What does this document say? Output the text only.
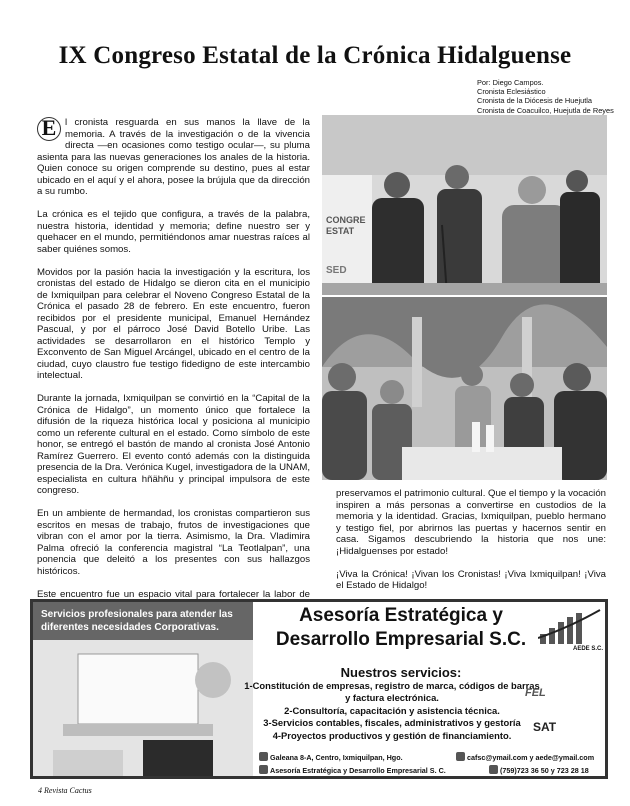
IX Congreso Estatal de la Crónica Hidalguense
Por: Diego Campos.
Cronista Eclesiástico
Cronista de la Diócesis de Huejutla
Cronista de Coacuilco, Huejutla de Reyes

E l cronista resguarda en sus manos la llave de la memoria. A través de la investigación o de la vivencia directa —en ocasiones como testigo ocular—, su pluma asienta para las nuevas generaciones los anales de la historia. Quien conoce su origen comprende su destino, pues al estar ubicado en el aquí y el ahora, posee la brújula que da dirección a su rumbo.

La crónica es el tejido que configura, a través de la palabra, nuestra historia, identidad y memoria; define nuestro ser y quehacer en el mundo, permitiéndonos amar nuestras raíces al saber quiénes somos.

Movidos por la pasión hacia la investigación y la escritura, los cronistas del estado de Hidalgo se dieron cita en el municipio de Ixmiquilpan para celebrar el Noveno Congreso Estatal de la Crónica el pasado 28 de febrero. En este encuentro, fueron recibidos por el presidente municipal, Emanuel Hernández Pascual, y por el párroco José David Botello Uribe. Las actividades se desarrollaron en el histórico Templo y Exconvento de San Miguel Arcángel, ubicado en el centro de la ciudad, cuyo claustro fue testigo fidedigno de este intercambio intelectual.

Durante la jornada, Ixmiquilpan se convirtió en la “Capital de la Crónica de Hidalgo”, un momento único que fortalece la difusión de la riqueza histórica local y posiciona al municipio como un referente cultural en el estado. Como símbolo de este honor, se entregó el bastón de mando al cronista José Antonio Ramírez Guerrero. El evento contó además con la distinguida presencia de la Dra. Verónica Kugel, investigadora de la UNAM, especialista en cultura hñähñu y principal impulsora de este congreso.

En un ambiente de hermandad, los cronistas compartieron sus escritos en mesas de trabajo, frutos de investigaciones que vibran con el amor por la tierra. Asimismo, la Dra. Vladimira Palma ofreció la conferencia magistral “La Teotlalpan”, una ponencia que deleitó a los presentes con sus hallazgos históricos.

Este encuentro fue un espacio vital para fortalecer la labor de

CONGRE
ESTAT
SED

preservamos el patrimonio cultural. Que el tiempo y la vocación inspiren a más personas a convertirse en custodios de la memoria y la identidad. Gracias, Ixmiquilpan, pueblo hermano y testigo fiel, por abrirnos las puertas y hacernos sentir en casa. Sigamos descubriendo la historia que nos une: ¡Hidalguenses por estado!

¡Viva la Crónica! ¡Vivan los Cronistas! ¡Viva Ixmiquilpan! ¡Viva el Estado de Hidalgo!

Servicios profesionales para atender las diferentes necesidades Corporativas.
Asesoría Estratégica y
Desarrollo Empresarial S.C.	AEDE S.C.
Nuestros servicios:
1-Constitución de empresas, registro de marca, códigos de barras
y factura electrónica.
2-Consultoría, capacitación y asistencia técnica.
3-Servicios contables, fiscales, administrativos y gestoría
4-Proyectos productivos y gestión de financiamiento.
FEL
SAT
Galeana 8-A, Centro, Ixmiquilpan, Hgo.	cafsc@ymail.com y aede@ymail.com
Asesoría Estratégica y Desarrollo Empresarial S. C.	(759)723 36 50 y 723 28 18
4 Revista Cactus
